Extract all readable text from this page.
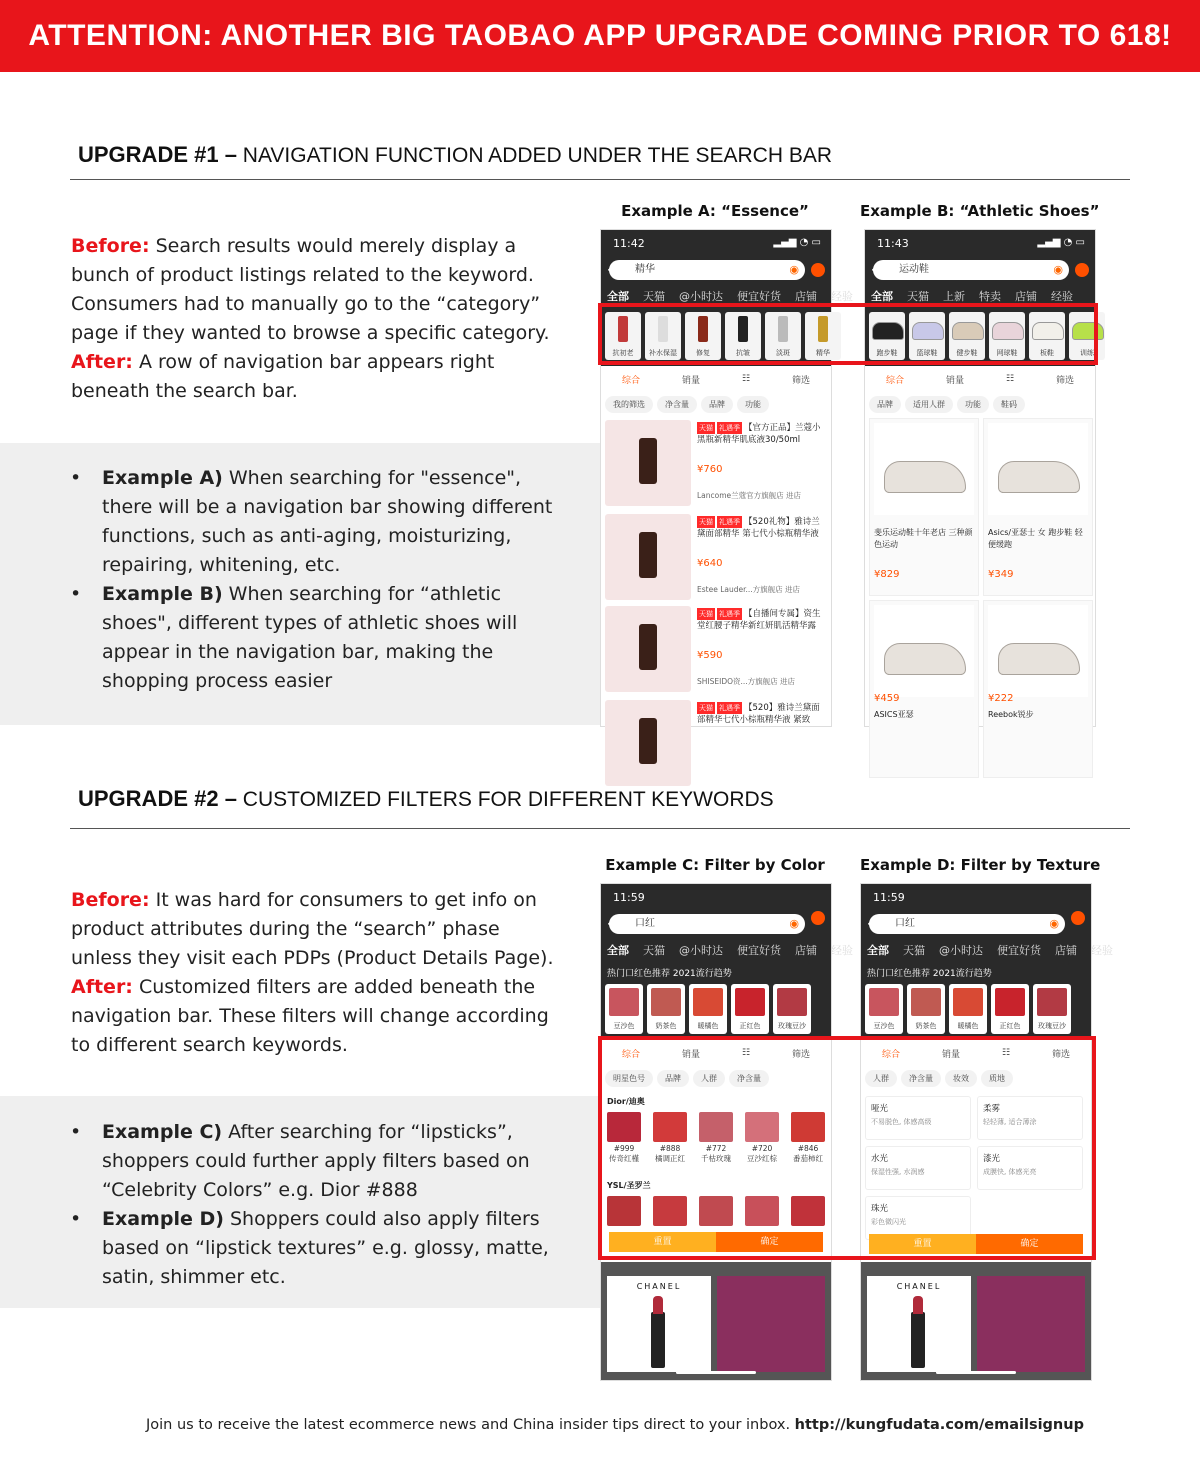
ATTENTION: ANOTHER BIG TAOBAO APP UPGRADE COMING PRIOR TO 618!
UPGRADE #1 – NAVIGATION FUNCTION ADDED UNDER THE SEARCH BAR
Before: Search results would merely display a bunch of product listings related to the keyword. Consumers had to manually go to the “category” page if they wanted to browse a specific category.
After: A row of navigation bar appears right beneath the search bar.
• Example A) When searching for "essence", there will be a navigation bar showing different functions, such as anti-aging, moisturizing, repairing, whitening, etc.
• Example B) When searching for “athletic shoes", different types of athletic shoes will appear in the navigation bar, making the shopping process easier
Example A: “Essence”	Example B: “Athletic Shoes”
11:42	▂▄▆ ◔ ▭
‹ 精华	◉
全部 天猫 @小时达 便宜好货 店铺 经验
抗初老	补水保湿	修复	抗皱	淡斑	精华
综合	销量	☷	筛选
我的筛选	净含量	品牌	功能
天猫 礼遇季 【官方正品】兰蔻小黑瓶新精华肌底液30/50ml
¥760
Lancome兰蔻官方旗舰店 进店
天猫 礼遇季 【520礼物】雅诗兰黛面部精华 第七代小棕瓶精华液
¥640
Estee Lauder...方旗舰店 进店
天猫 礼遇季 【自播间专属】资生堂红腰子精华新红妍肌活精华露
¥590
SHISEIDO资...方旗舰店 进店
天猫 礼遇季 【520】雅诗兰黛面部精华七代小棕瓶精华液 紧致
11:43	▂▄▆ ◔ ▭
‹ 运动鞋	◉
全部 天猫 上新 特卖 店铺 经验
跑步鞋	篮球鞋	健步鞋	网球鞋	板鞋	训练
综合	销量	☷	筛选
品牌	适用人群	功能	鞋码
斐乐运动鞋十年老店 三种颜色运动
¥829
Asics/亚瑟士 女 跑步鞋 轻便缓跑
¥349
ASICS亚瑟
¥459
Reebok锐步
¥222
UPGRADE #2 – CUSTOMIZED FILTERS FOR DIFFERENT KEYWORDS
Before: It was hard for consumers to get info on product attributes during the “search” phase unless they visit each PDPs (Product Details Page).
After: Customized filters are added beneath the navigation bar. These filters will change according to different search keywords.
• Example C) After searching for “lipsticks”, shoppers could further apply filters based on “Celebrity Colors” e.g. Dior #888
• Example D) Shoppers could also apply filters based on “lipstick textures” e.g. glossy, matte, satin, shimmer etc.
Example C: Filter by Color	Example D: Filter by Texture
11:59
‹ 口红	◉
全部 天猫 @小时达 便宜好货 店铺 经验
热门口红色推荐 2021流行趋势
豆沙色	奶茶色	暖橘色	正红色	玫瑰豆沙
综合	销量	☷	筛选
明星色号	品牌	人群	净含量
Dior/迪奥
#999
传奇红槿
#888
橘调正红
#772
千枯玫瑰
#720
豆沙红棕
#846
番茄柿红
YSL/圣罗兰
重置	确定
CHANEL
11:59
‹ 口红	◉
全部 天猫 @小时达 便宜好货 店铺 经验
热门口红色推荐 2021流行趋势
豆沙色	奶茶色	暖橘色	正红色	玫瑰豆沙
综合	销量	☷	筛选
人群	净含量	妆效	质地
哑光
不易脱色, 体感高级
柔雾
轻轻薄, 适合薄涂
水光
保湿性强, 水润感
漆光
成膜快, 体感光亮
珠光
彩色微闪光
重置	确定
CHANEL
Join us to receive the latest ecommerce news and China insider tips direct to your inbox. http://kungfudata.com/emailsignup
